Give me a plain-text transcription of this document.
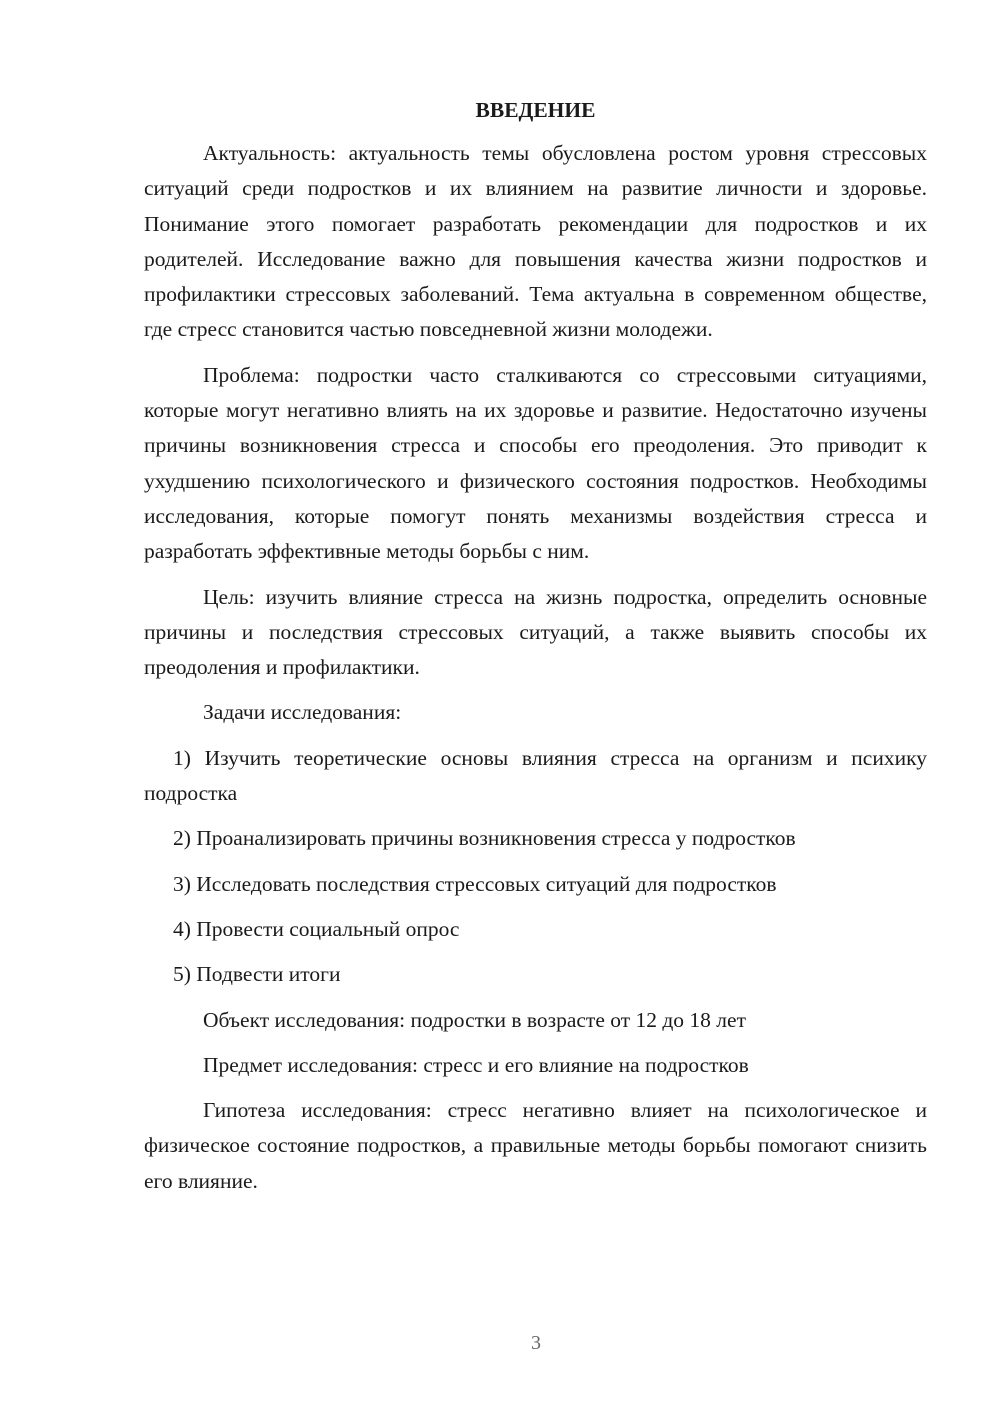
ВВЕДЕНИЕ
Актуальность: актуальность темы обусловлена ростом уровня стрессовых ситуаций среди подростков и их влиянием на развитие личности и здоровье. Понимание этого помогает разработать рекомендации для подростков и их родителей. Исследование важно для повышения качества жизни подростков и профилактики стрессовых заболеваний. Тема актуальна в современном обществе, где стресс становится частью повседневной жизни молодежи.
Проблема: подростки часто сталкиваются со стрессовыми ситуациями, которые могут негативно влиять на их здоровье и развитие. Недостаточно изучены причины возникновения стресса и способы его преодоления. Это приводит к ухудшению психологического и физического состояния подростков. Необходимы исследования, которые помогут понять механизмы воздействия стресса и разработать эффективные методы борьбы с ним.
Цель: изучить влияние стресса на жизнь подростка, определить основные причины и последствия стрессовых ситуаций, а также выявить способы их преодоления и профилактики.
Задачи исследования:
1) Изучить теоретические основы влияния стресса на организм и психику подростка
2) Проанализировать причины возникновения стресса у подростков
3) Исследовать последствия стрессовых ситуаций для подростков
4) Провести социальный опрос
5) Подвести итоги
Объект исследования: подростки в возрасте от 12 до 18 лет
Предмет исследования: стресс и его влияние на подростков
Гипотеза исследования: стресс негативно влияет на психологическое и физическое состояние подростков, а правильные методы борьбы помогают снизить его влияние.
3
